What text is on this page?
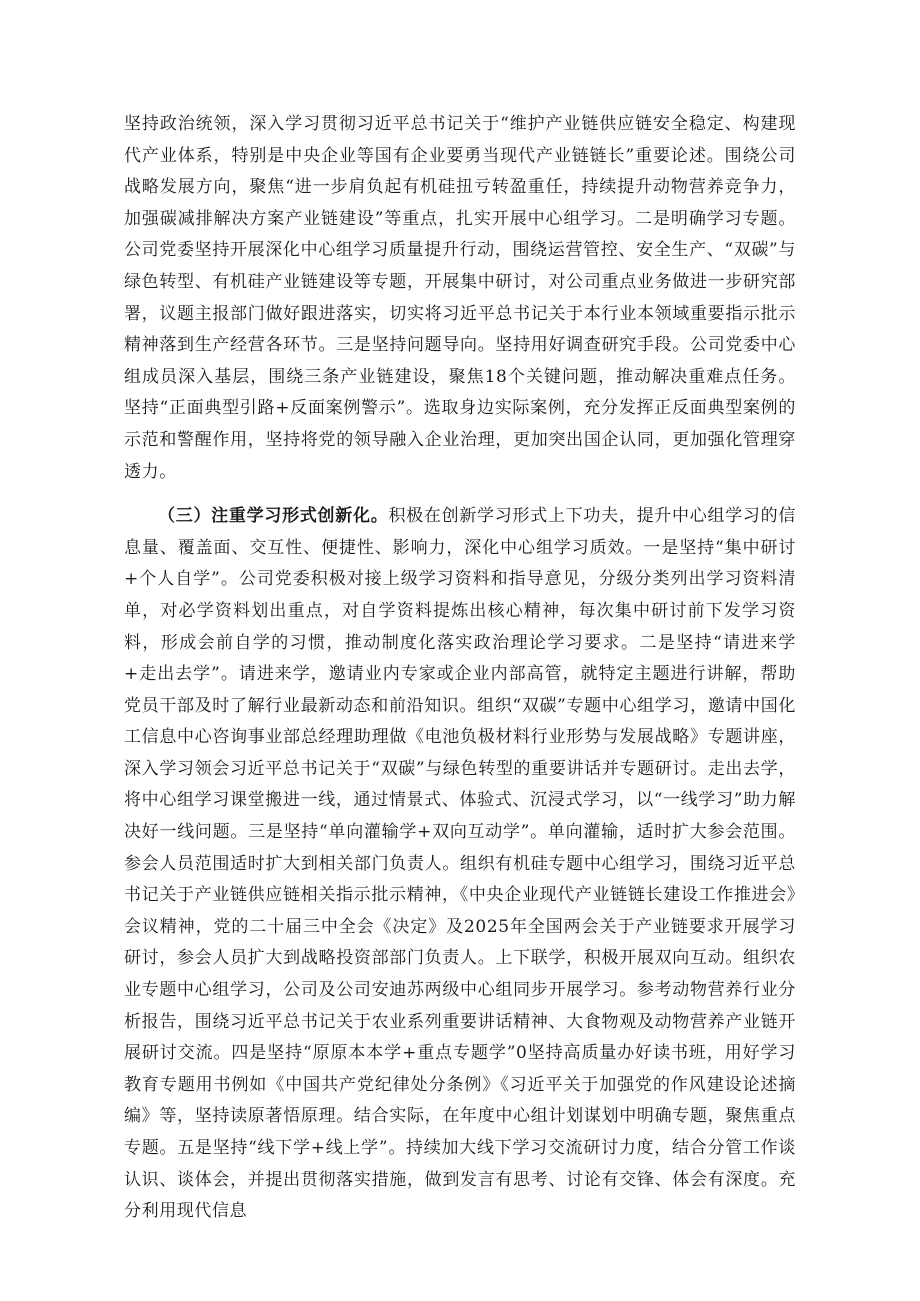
坚持政治统领，深入学习贯彻习近平总书记关于“维护产业链供应链安全稳定、构建现代产业体系，特别是中央企业等国有企业要勇当现代产业链链长”重要论述。围绕公司战略发展方向，聚焦“进一步肩负起有机硅扭亏转盈重任，持续提升动物营养竞争力，加强碳减排解决方案产业链建设”等重点，扎实开展中心组学习。二是明确学习专题。公司党委坚持开展深化中心组学习质量提升行动，围绕运营管控、安全生产、“双碳”与绿色转型、有机硅产业链建设等专题，开展集中研讨，对公司重点业务做进一步研究部署，议题主报部门做好跟进落实，切实将习近平总书记关于本行业本领域重要指示批示精神落到生产经营各环节。三是坚持问题导向。坚持用好调查研究手段。公司党委中心组成员深入基层，围绕三条产业链建设，聚焦18个关键问题，推动解决重难点任务。坚持“正面典型引路+反面案例警示”。选取身边实际案例，充分发挥正反面典型案例的示范和警醒作用，坚持将党的领导融入企业治理，更加突出国企认同，更加强化管理穿透力。

（三）注重学习形式创新化。积极在创新学习形式上下功夫，提升中心组学习的信息量、覆盖面、交互性、便捷性、影响力，深化中心组学习质效。一是坚持“集中研讨+个人自学”。公司党委积极对接上级学习资料和指导意见，分级分类列出学习资料清单，对必学资料划出重点，对自学资料提炼出核心精神，每次集中研讨前下发学习资料，形成会前自学的习惯，推动制度化落实政治理论学习要求。二是坚持“请进来学+走出去学”。请进来学，邀请业内专家或企业内部高管，就特定主题进行讲解，帮助党员干部及时了解行业最新动态和前沿知识。组织“双碳”专题中心组学习，邀请中国化工信息中心咨询事业部总经理助理做《电池负极材料行业形势与发展战略》专题讲座，深入学习领会习近平总书记关于“双碳”与绿色转型的重要讲话并专题研讨。走出去学，将中心组学习课堂搬进一线，通过情景式、体验式、沉浸式学习，以“一线学习”助力解决好一线问题。三是坚持“单向灌输学+双向互动学”。单向灌输，适时扩大参会范围。参会人员范围适时扩大到相关部门负责人。组织有机硅专题中心组学习，围绕习近平总书记关于产业链供应链相关指示批示精神，《中央企业现代产业链链长建设工作推进会》会议精神，党的二十届三中全会《决定》及2025年全国两会关于产业链要求开展学习研讨，参会人员扩大到战略投资部部门负责人。上下联学，积极开展双向互动。组织农业专题中心组学习，公司及公司安迪苏两级中心组同步开展学习。参考动物营养行业分析报告，围绕习近平总书记关于农业系列重要讲话精神、大食物观及动物营养产业链开展研讨交流。四是坚持“原原本本学+重点专题学”0坚持高质量办好读书班，用好学习教育专题用书例如《中国共产党纪律处分条例》《习近平关于加强党的作风建设论述摘编》等，坚持读原著悟原理。结合实际，在年度中心组计划谋划中明确专题，聚焦重点专题。五是坚持“线下学+线上学”。持续加大线下学习交流研讨力度，结合分管工作谈认识、谈体会，并提出贯彻落实措施，做到发言有思考、讨论有交锋、体会有深度。充分利用现代信息
